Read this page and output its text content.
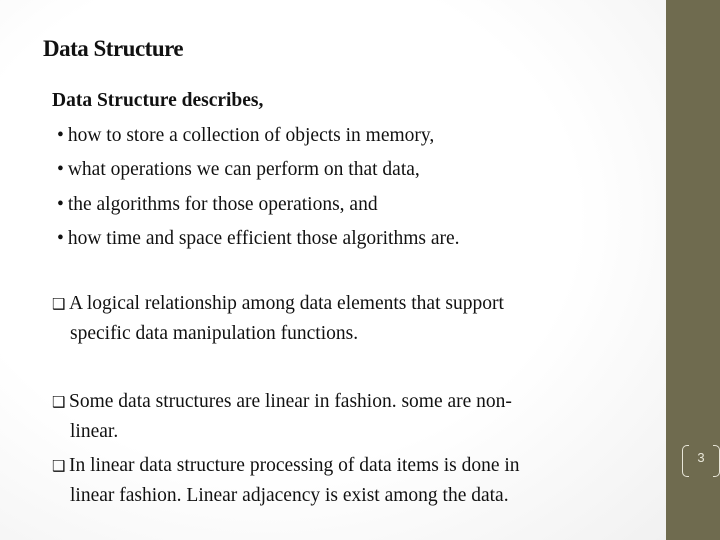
Data Structure
Data Structure describes,
• how to store a collection of objects in memory,
• what operations we can perform on that data,
• the algorithms for those operations, and
• how time and space efficient those algorithms are.
❑ A logical relationship among data elements that support
specific data manipulation functions.
❑ Some data structures are linear in fashion. some are non-
linear.
❑ In linear data structure processing of data items is done in
linear fashion. Linear adjacency is exist among the data.
3
